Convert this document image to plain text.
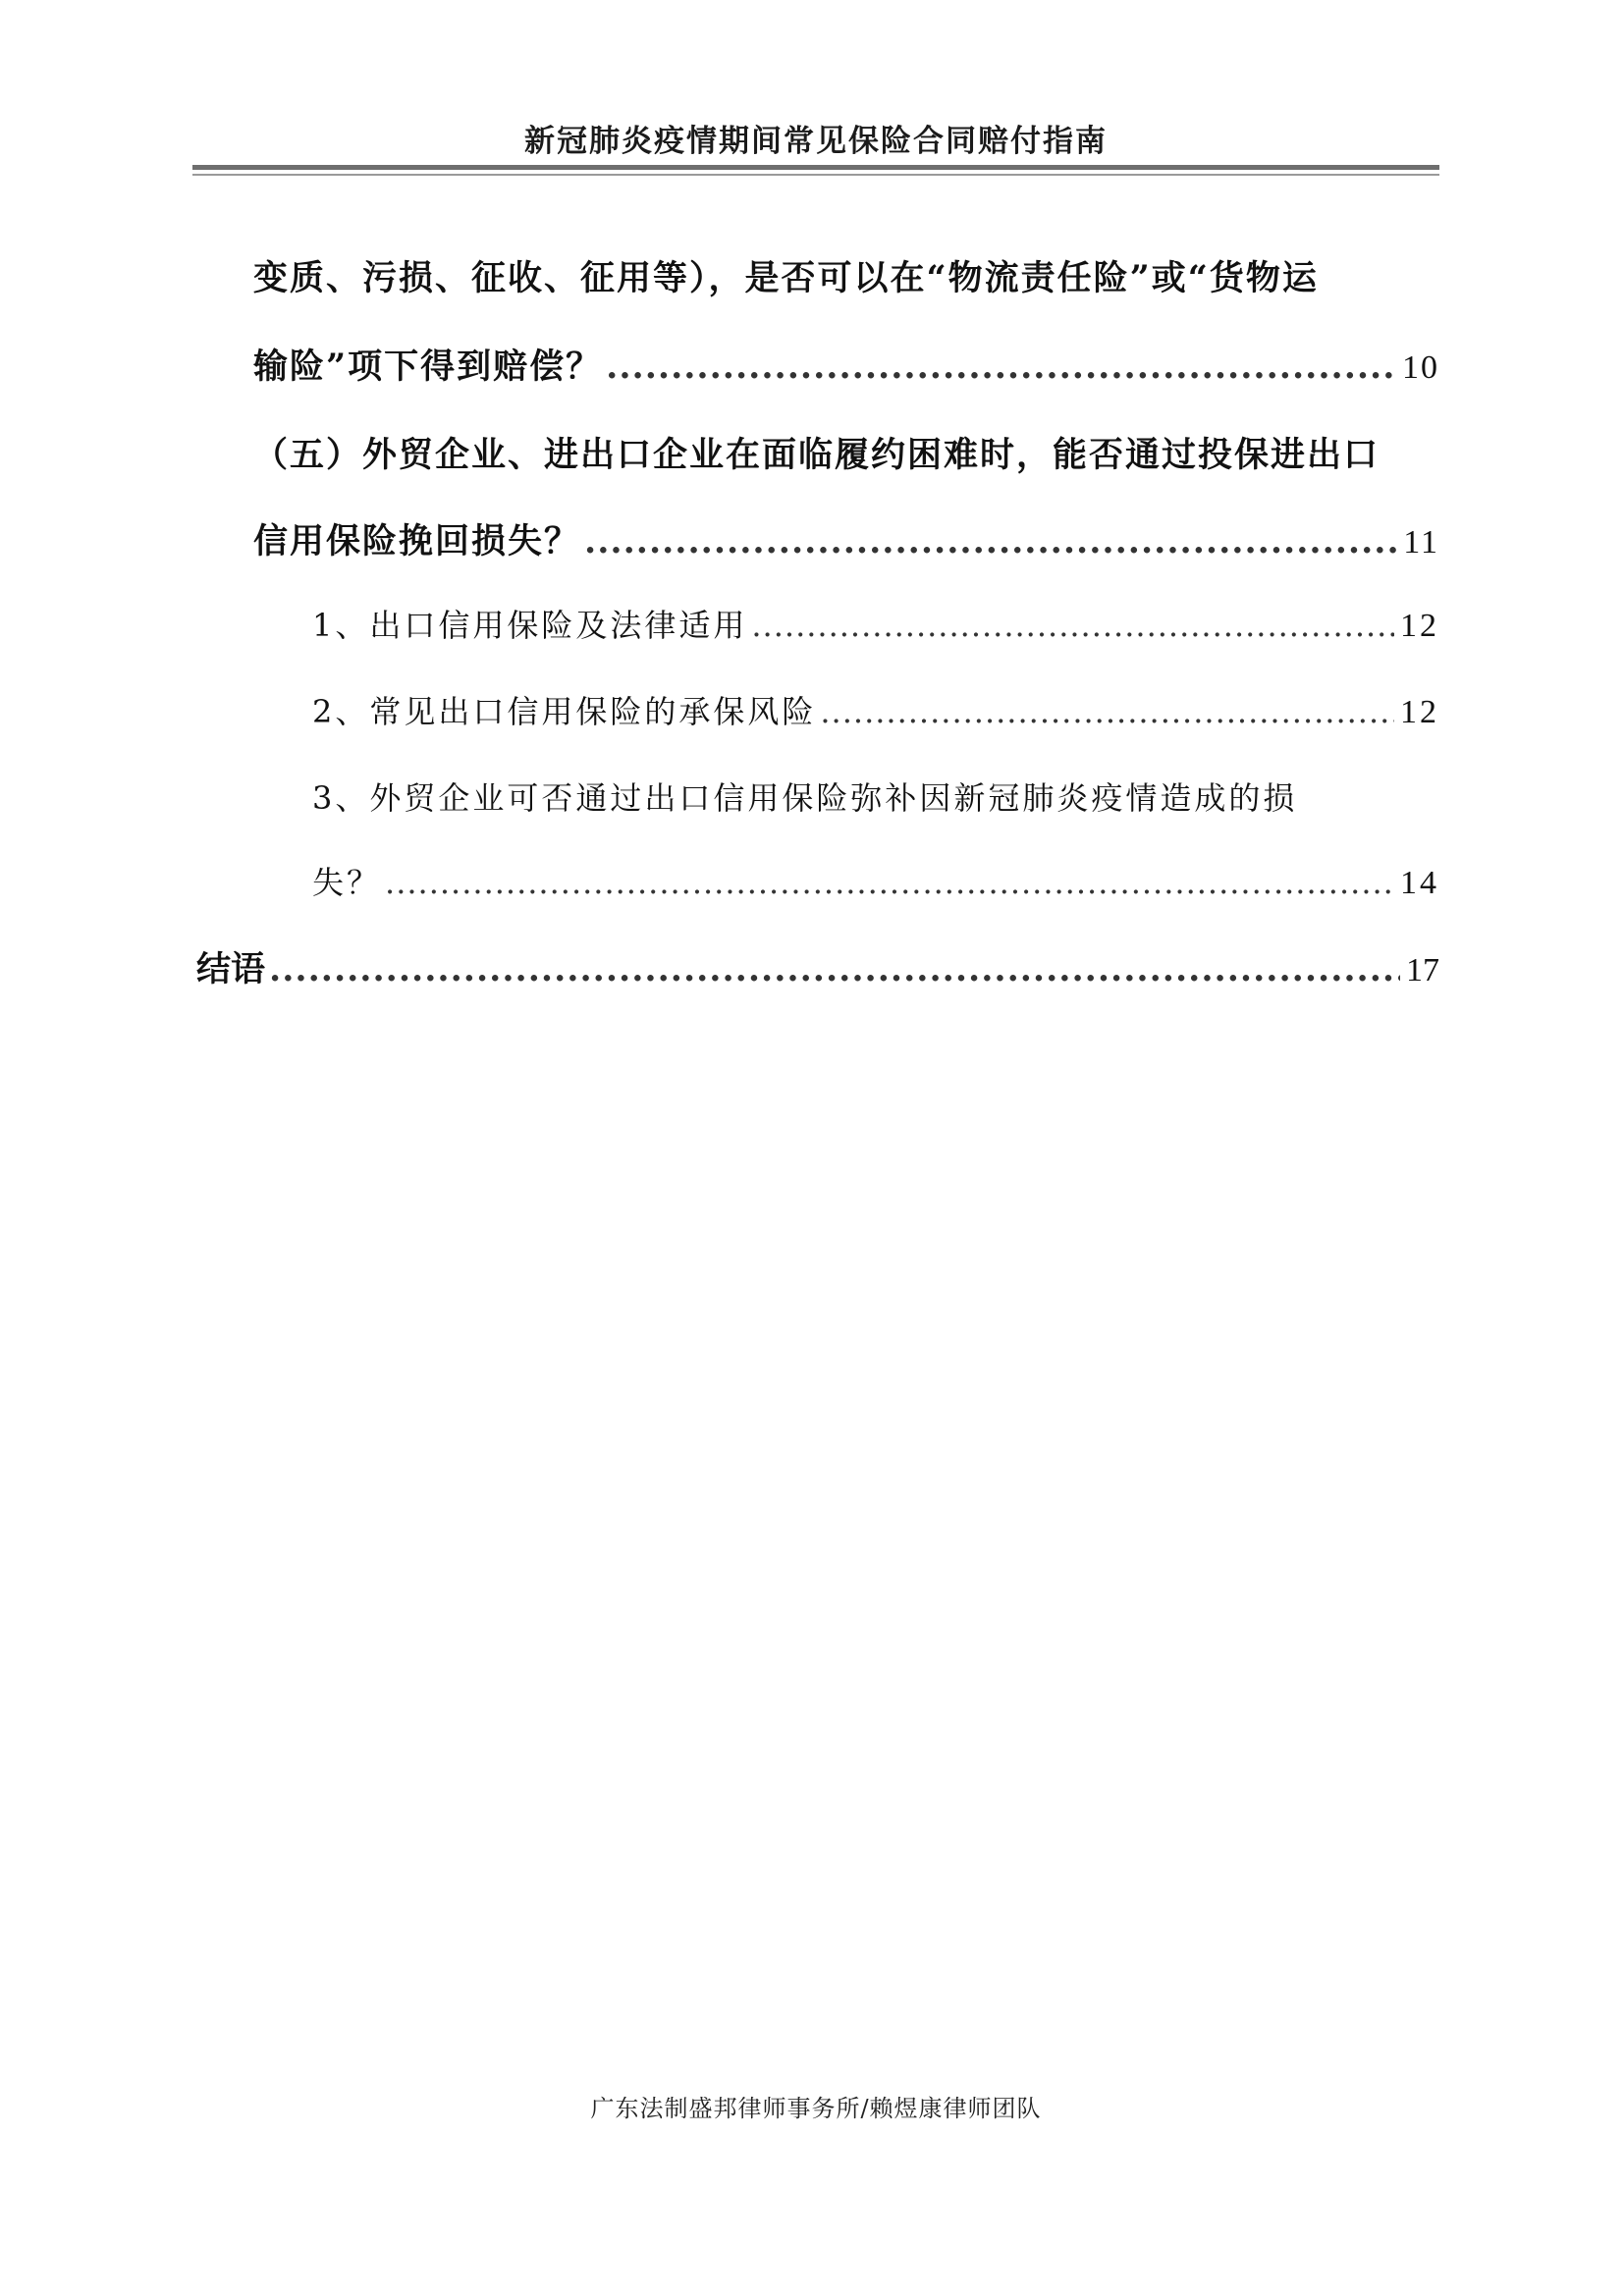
新冠肺炎疫情期间常见保险合同赔付指南
变质、污损、征收、征用等），是否可以在“物流责任险”或“货物运
输险”项下得到赔偿？ .....	10
（五）外贸企业、进出口企业在面临履约困难时，能否通过投保进出口
信用保险挽回损失？ .....	11
1、出口信用保险及法律适用 .....	12
2、常见出口信用保险的承保风险 .....	12
3、外贸企业可否通过出口信用保险弥补因新冠肺炎疫情造成的损
失？ .....	14
结语 .....	17
广东法制盛邦律师事务所/赖煜康律师团队
